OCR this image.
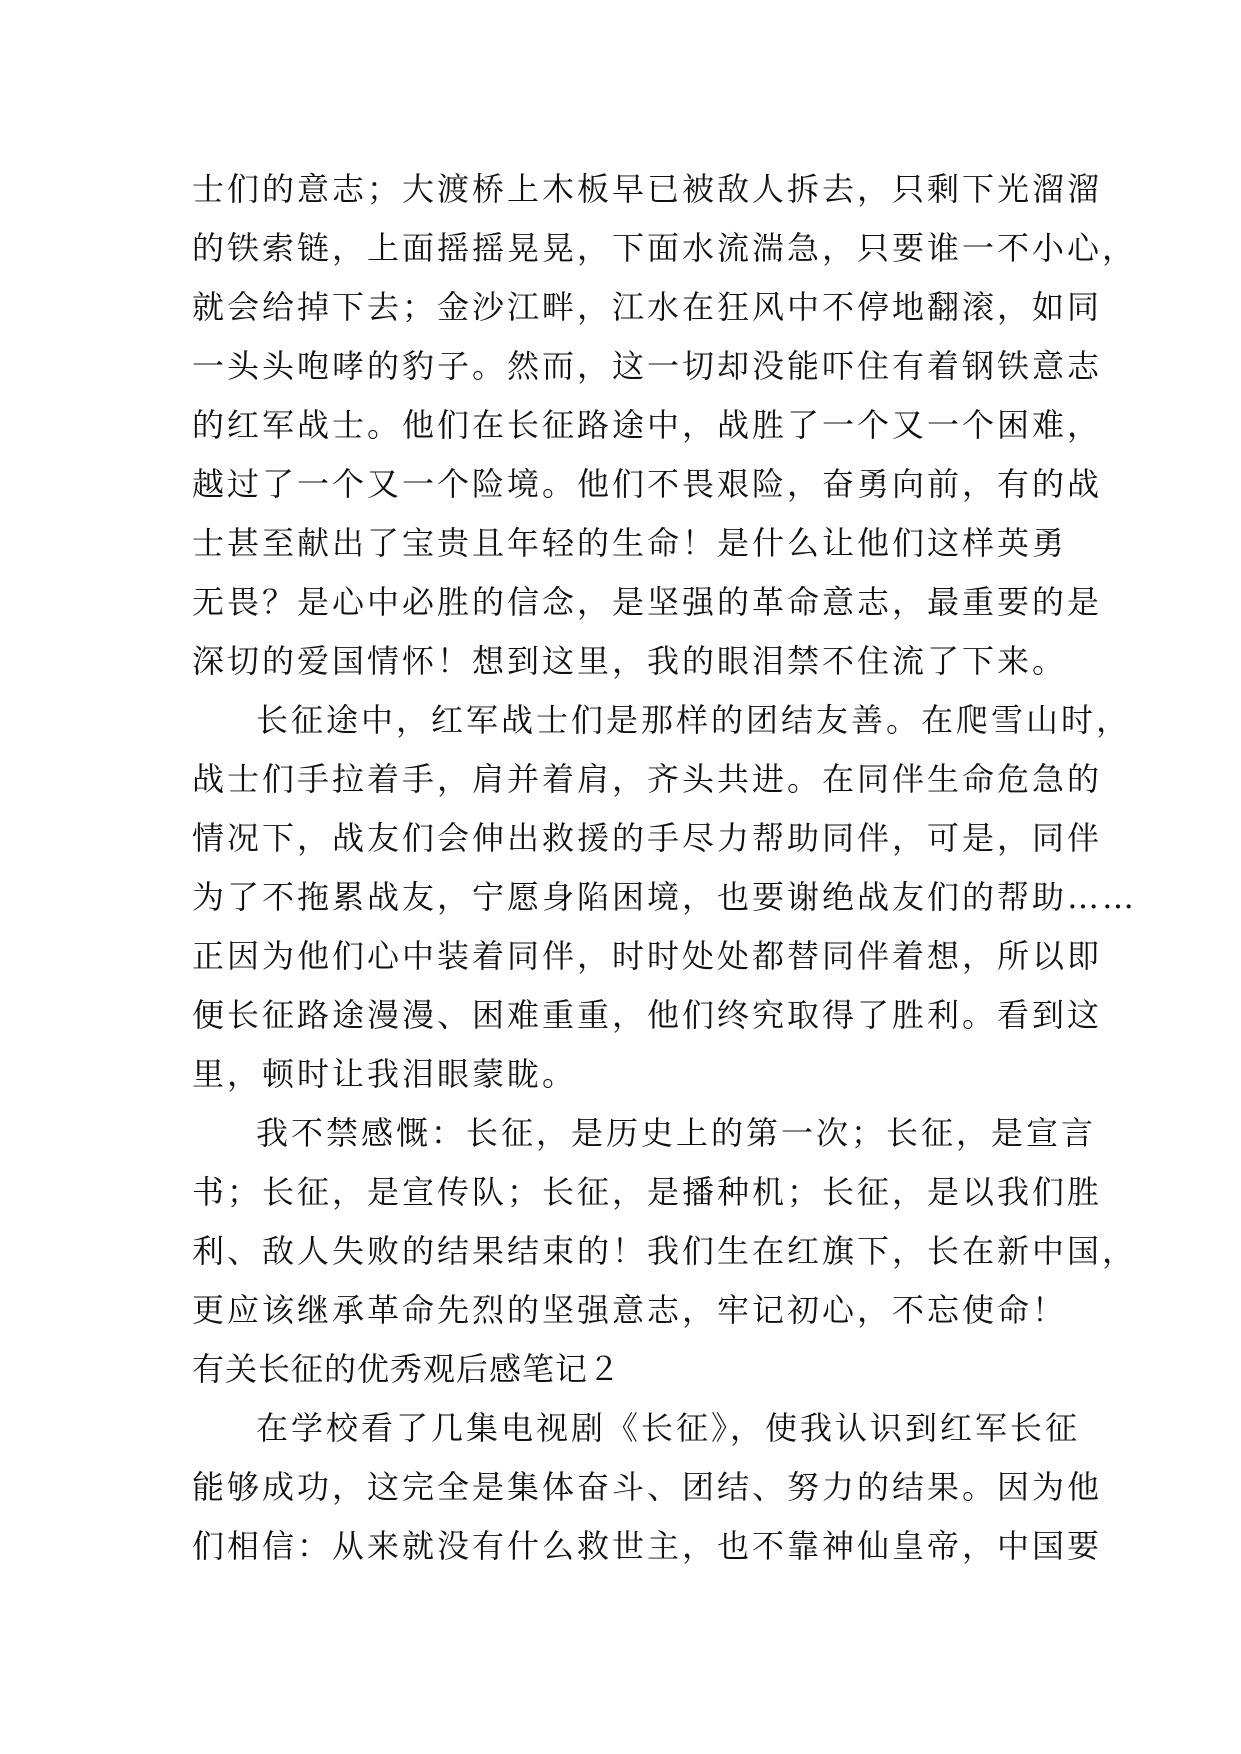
士们的意志；大渡桥上木板早已被敌人拆去，只剩下光溜溜
的铁索链，上面摇摇晃晃，下面水流湍急，只要谁一不小心，
就会给掉下去；金沙江畔，江水在狂风中不停地翻滚，如同
一头头咆哮的豹子。然而，这一切却没能吓住有着钢铁意志
的红军战士。他们在长征路途中，战胜了一个又一个困难，
越过了一个又一个险境。他们不畏艰险，奋勇向前，有的战
士甚至献出了宝贵且年轻的生命！是什么让他们这样英勇
无畏？是心中必胜的信念，是坚强的革命意志，最重要的是
深切的爱国情怀！想到这里，我的眼泪禁不住流了下来。
长征途中，红军战士们是那样的团结友善。在爬雪山时，
战士们手拉着手，肩并着肩，齐头共进。在同伴生命危急的
情况下，战友们会伸出救援的手尽力帮助同伴，可是，同伴
为了不拖累战友，宁愿身陷困境，也要谢绝战友们的帮助……
正因为他们心中装着同伴，时时处处都替同伴着想，所以即
便长征路途漫漫、困难重重，他们终究取得了胜利。看到这
里，顿时让我泪眼蒙眬。
我不禁感慨：长征，是历史上的第一次；长征，是宣言
书；长征，是宣传队；长征，是播种机；长征，是以我们胜
利、敌人失败的结果结束的！我们生在红旗下，长在新中国，
更应该继承革命先烈的坚强意志，牢记初心，不忘使命！
有关长征的优秀观后感笔记２
在学校看了几集电视剧《长征》，使我认识到红军长征
能够成功，这完全是集体奋斗、团结、努力的结果。因为他
们相信：从来就没有什么救世主，也不靠神仙皇帝，中国要
